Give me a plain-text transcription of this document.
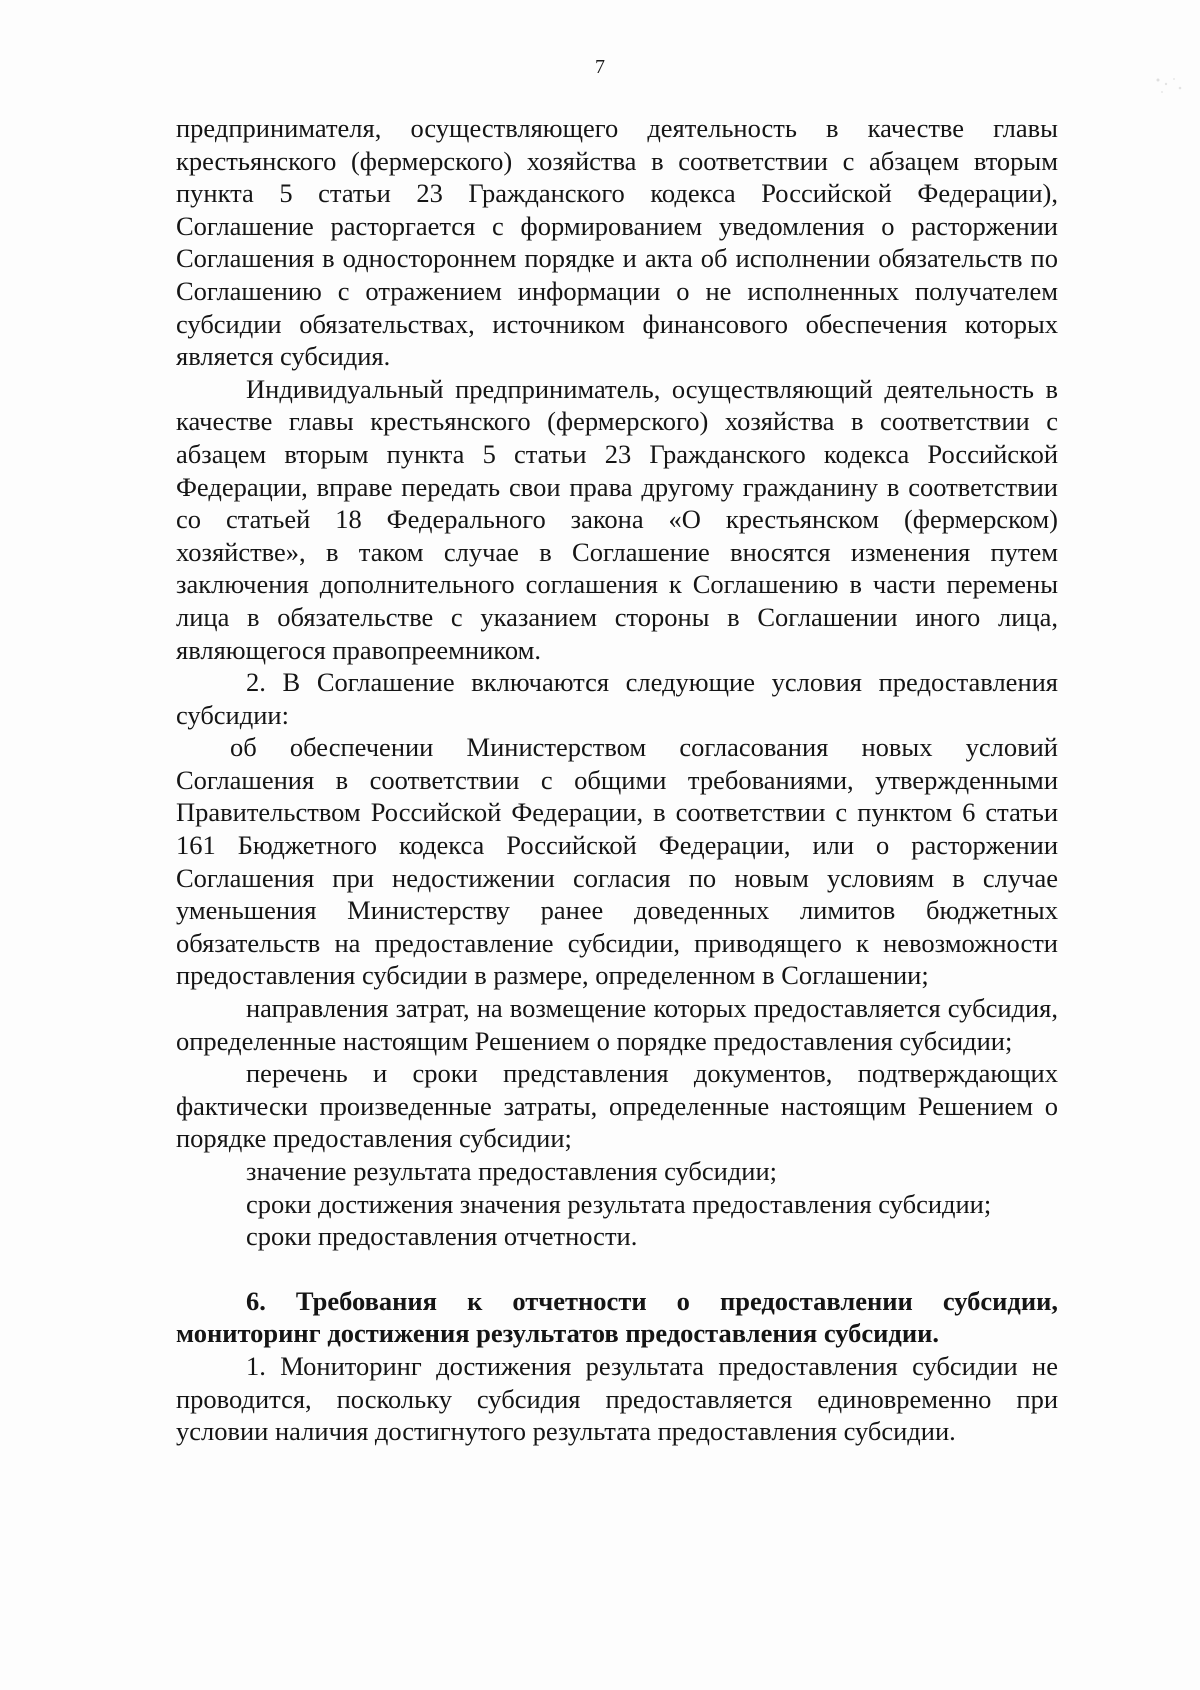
7

предпринимателя, осуществляющего деятельность в качестве главы крестьянского (фермерского) хозяйства в соответствии с абзацем вторым пункта 5 статьи 23 Гражданского кодекса Российской Федерации), Соглашение расторгается с формированием уведомления о расторжении Соглашения в одностороннем порядке и акта об исполнении обязательств по Соглашению с отражением информации о не исполненных получателем субсидии обязательствах, источником финансового обеспечения которых является субсидия.

Индивидуальный предприниматель, осуществляющий деятельность в качестве главы крестьянского (фермерского) хозяйства в соответствии с абзацем вторым пункта 5 статьи 23 Гражданского кодекса Российской Федерации, вправе передать свои права другому гражданину в соответствии со статьей 18 Федерального закона «О крестьянском (фермерском) хозяйстве», в таком случае в Соглашение вносятся изменения путем заключения дополнительного соглашения к Соглашению в части перемены лица в обязательстве с указанием стороны в Соглашении иного лица, являющегося правопреемником.

2. В Соглашение включаются следующие условия предоставления субсидии:

об обеспечении Министерством согласования новых условий Соглашения в соответствии с общими требованиями, утвержденными Правительством Российской Федерации, в соответствии с пунктом 6 статьи 161 Бюджетного кодекса Российской Федерации, или о расторжении Соглашения при недостижении согласия по новым условиям в случае уменьшения Министерству ранее доведенных лимитов бюджетных обязательств на предоставление субсидии, приводящего к невозможности предоставления субсидии в размере, определенном в Соглашении;

направления затрат, на возмещение которых предоставляется субсидия, определенные настоящим Решением о порядке предоставления субсидии;

перечень и сроки представления документов, подтверждающих фактически произведенные затраты, определенные настоящим Решением о порядке предоставления субсидии;

значение результата предоставления субсидии;

сроки достижения значения результата предоставления субсидии;

сроки предоставления отчетности.

6. Требования к отчетности о предоставлении субсидии, мониторинг достижения результатов предоставления субсидии.

1. Мониторинг достижения результата предоставления субсидии не проводится, поскольку субсидия предоставляется единовременно при условии наличия достигнутого результата предоставления субсидии.
